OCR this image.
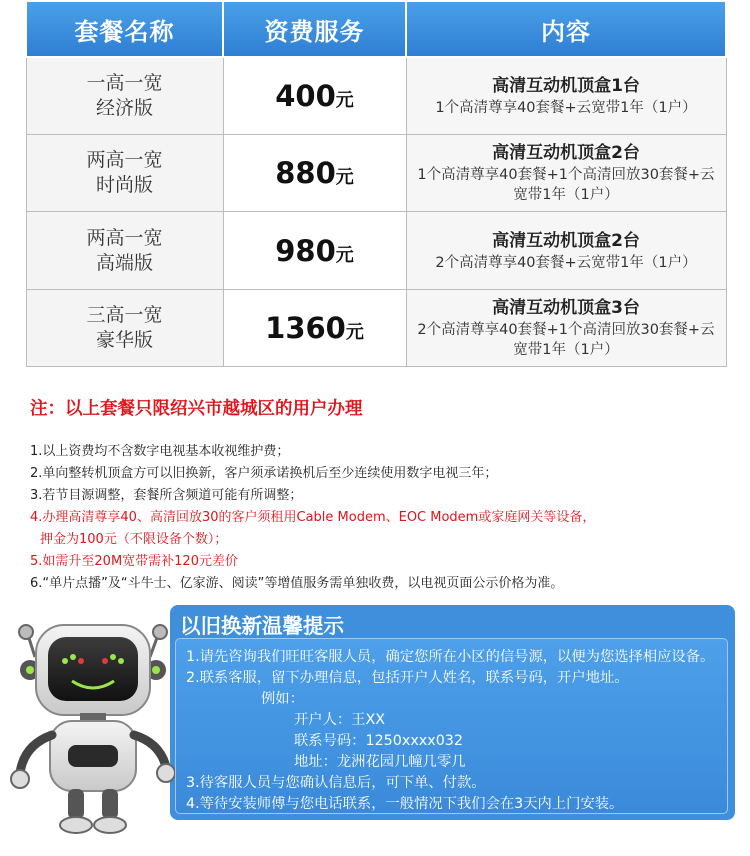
套餐名称	资费服务	内容

一高一宽
经济版	400元	高清互动机顶盒1台
1个高清尊享40套餐+云宽带1年（1户）

两高一宽
时尚版	880元	高清互动机顶盒2台
1个高清尊享40套餐+1个高清回放30套餐+云宽带1年（1户）

两高一宽
高端版	980元	高清互动机顶盒2台
2个高清尊享40套餐+云宽带1年（1户）

三高一宽
豪华版	1360元	高清互动机顶盒3台
2个高清尊享40套餐+1个高清回放30套餐+云宽带1年（1户）
注：以上套餐只限绍兴市越城区的用户办理
1.以上资费均不含数字电视基本收视维护费；
2.单向整转机顶盒方可以旧换新，客户须承诺换机后至少连续使用数字电视三年；
3.若节目源调整，套餐所含频道可能有所调整；
4.办理高清尊享40、高清回放30的客户须租用Cable Modem、EOC Modem或家庭网关等设备，
押金为100元（不限设备个数）；
5.如需升至20M宽带需补120元差价
6.“单片点播”及“斗牛士、亿家游、阅读”等增值服务需单独收费，以电视页面公示价格为准。
以旧换新温馨提示
1.请先咨询我们旺旺客服人员，确定您所在小区的信号源，以便为您选择相应设备。
2.联系客服，留下办理信息，包括开户人姓名，联系号码，开户地址。
例如：
开户人：王XX
联系号码：1250xxxx032
地址：龙洲花园几幢几零几
3.待客服人员与您确认信息后，可下单、付款。
4.等待安装师傅与您电话联系，一般情况下我们会在3天内上门安装。
